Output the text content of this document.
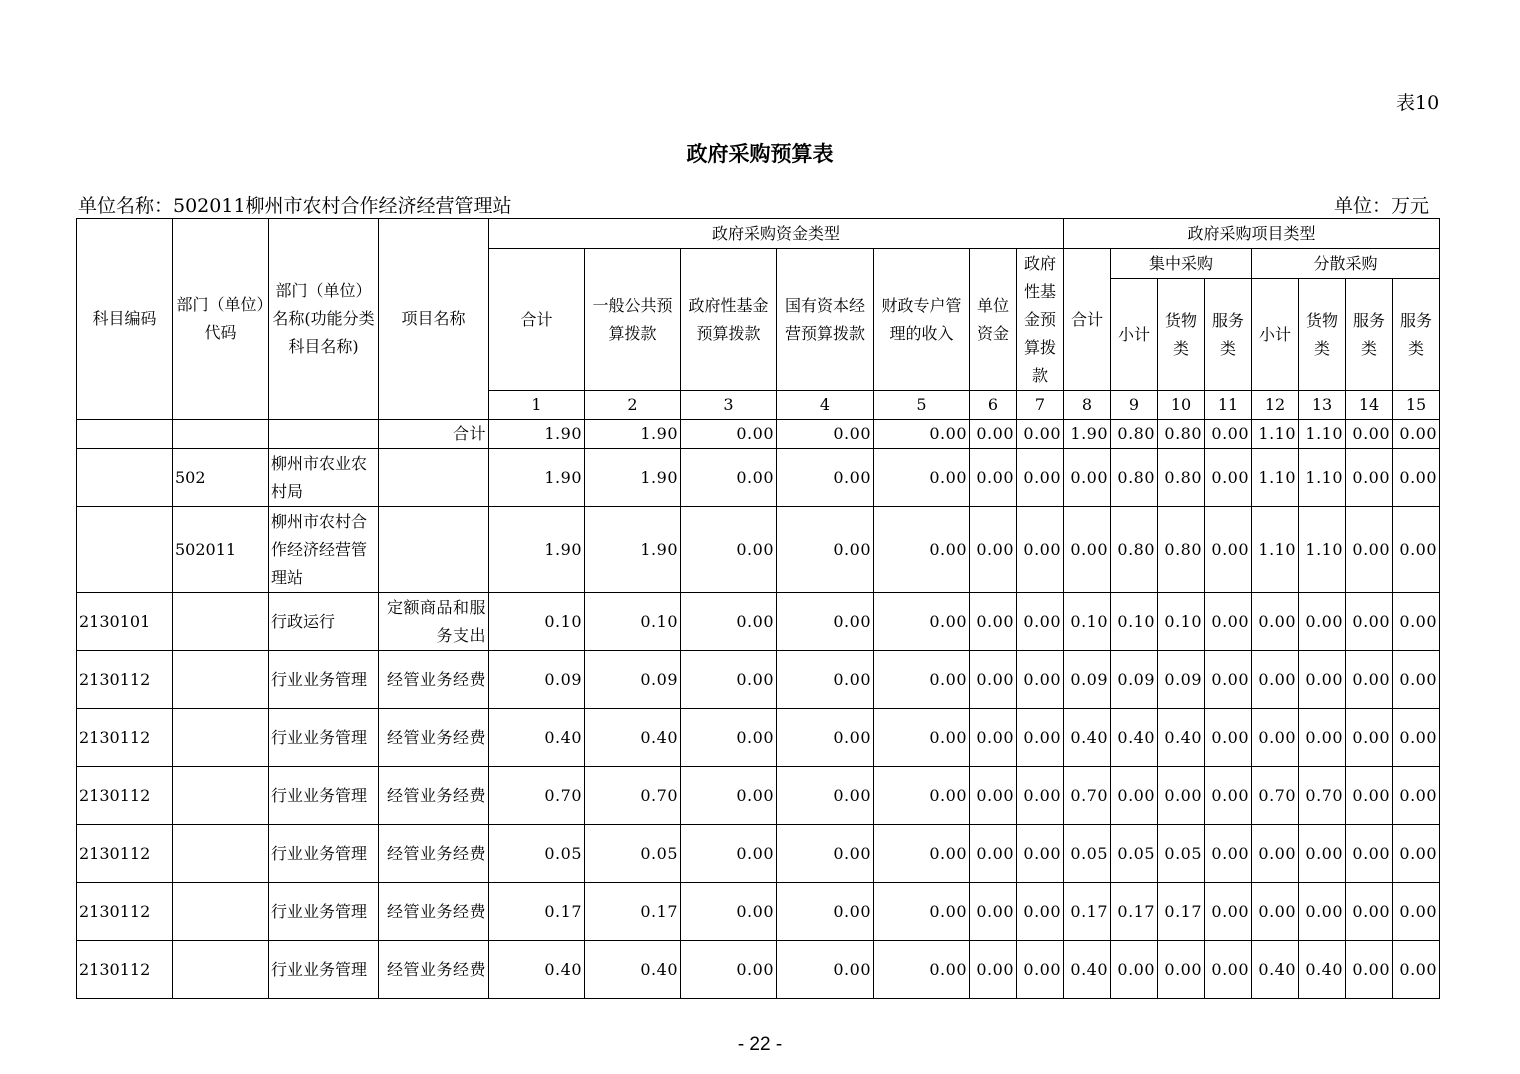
表10
政府采购预算表
单位名称：502011柳州市农村合作经济经营管理站	单位：万元
科目编码	部门（单位）代码	部门（单位）名称(功能分类科目名称)	项目名称	政府采购资金类型							政府采购项目类型							
				合计	一般公共预算拨款	政府性基金预算拨款	国有资本经营预算拨款	财政专户管理的收入	单位资金	政府性基金预算拨款	合计	集中采购			分散采购			
												小计	货物类	服务类	小计	货物类	服务类	服务类
				1	2	3	4	5	6	7	8	9	10	11	12	13	14	15
			合计	1.90	1.90	0.00	0.00	0.00	0.00	0.00	1.90	0.80	0.80	0.00	1.10	1.10	0.00	0.00
	502	柳州市农业农村局		1.90	1.90	0.00	0.00	0.00	0.00	0.00	0.00	0.80	0.80	0.00	1.10	1.10	0.00	0.00
	502011	柳州市农村合作经济经营管理站		1.90	1.90	0.00	0.00	0.00	0.00	0.00	0.00	0.80	0.80	0.00	1.10	1.10	0.00	0.00
2130101		行政运行	定额商品和服务支出	0.10	0.10	0.00	0.00	0.00	0.00	0.00	0.10	0.10	0.10	0.00	0.00	0.00	0.00	0.00
2130112		行业业务管理	经管业务经费	0.09	0.09	0.00	0.00	0.00	0.00	0.00	0.09	0.09	0.09	0.00	0.00	0.00	0.00	0.00
2130112		行业业务管理	经管业务经费	0.40	0.40	0.00	0.00	0.00	0.00	0.00	0.40	0.40	0.40	0.00	0.00	0.00	0.00	0.00
2130112		行业业务管理	经管业务经费	0.70	0.70	0.00	0.00	0.00	0.00	0.00	0.70	0.00	0.00	0.00	0.70	0.70	0.00	0.00
2130112		行业业务管理	经管业务经费	0.05	0.05	0.00	0.00	0.00	0.00	0.00	0.05	0.05	0.05	0.00	0.00	0.00	0.00	0.00
2130112		行业业务管理	经管业务经费	0.17	0.17	0.00	0.00	0.00	0.00	0.00	0.17	0.17	0.17	0.00	0.00	0.00	0.00	0.00
2130112		行业业务管理	经管业务经费	0.40	0.40	0.00	0.00	0.00	0.00	0.00	0.40	0.00	0.00	0.00	0.40	0.40	0.00	0.00
- 22 -
